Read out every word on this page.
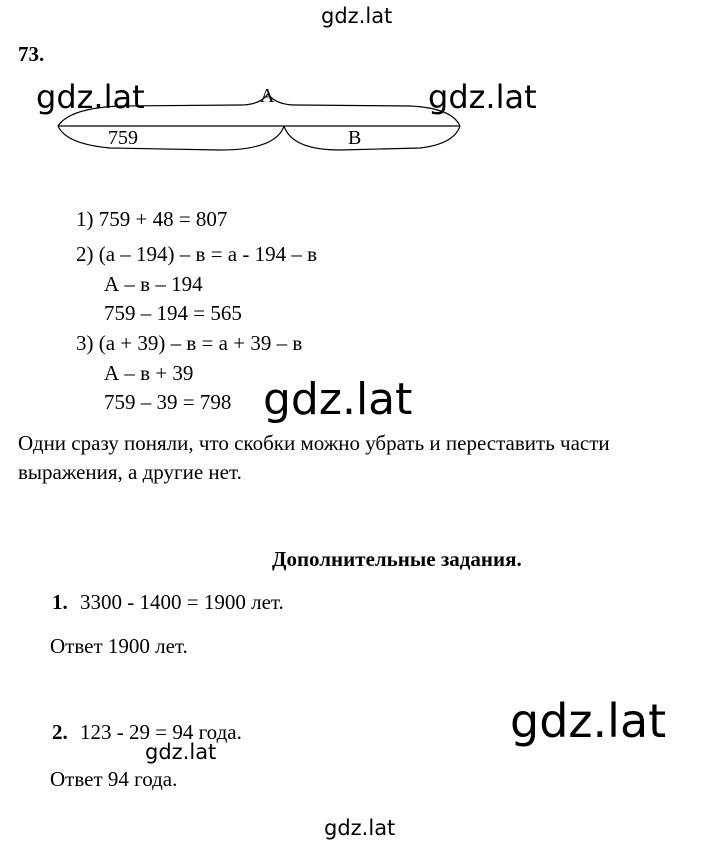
gdz.lat
73.
gdz.lat	gdz.lat
A
759	B
1) 759 + 48 = 807
2) (а – 194) – в = а - 194 – в
А – в – 194
759 – 194 = 565
3) (а + 39) – в = а + 39 – в
А – в + 39
759 – 39 = 798 gdz.lat
Одни сразу поняли, что скобки можно убрать и переставить части
выражения, а другие нет.
Дополнительные задания.
1. 3300 - 1400 = 1900 лет.
Ответ 1900 лет.
gdz.lat
2. 123 - 29 = 94 года.
gdz.lat
Ответ 94 года.
gdz.lat
